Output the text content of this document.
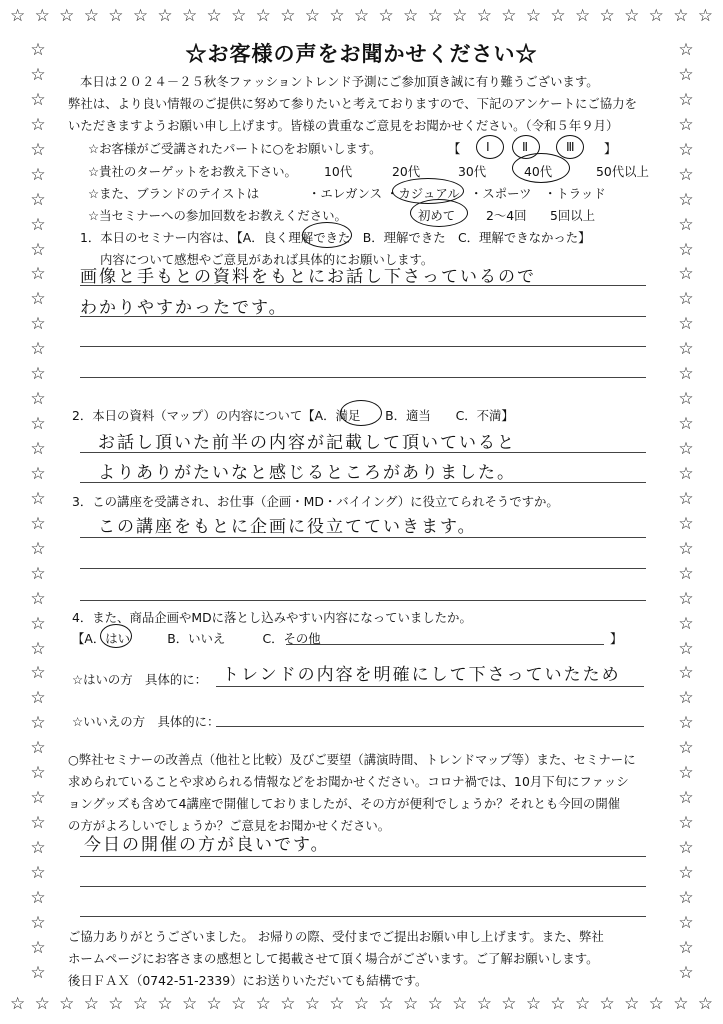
☆ ☆ ☆ ☆ ☆ ☆ ☆ ☆ ☆ ☆ ☆ ☆ ☆ ☆ ☆ ☆ ☆ ☆ ☆ ☆ ☆ ☆ ☆ ☆ ☆ ☆ ☆ ☆ ☆
☆ ☆ ☆ ☆ ☆ ☆ ☆ ☆ ☆ ☆ ☆ ☆ ☆ ☆ ☆ ☆ ☆ ☆ ☆ ☆ ☆ ☆ ☆ ☆ ☆ ☆ ☆ ☆ ☆
☆
☆
☆
☆
☆
☆
☆
☆
☆
☆
☆
☆
☆
☆
☆
☆
☆
☆
☆
☆
☆
☆
☆
☆
☆
☆
☆
☆
☆
☆
☆
☆
☆
☆
☆
☆
☆
☆
☆
☆
☆
☆
☆
☆
☆
☆
☆
☆
☆
☆
☆
☆
☆
☆
☆
☆
☆
☆
☆
☆
☆
☆
☆
☆
☆
☆
☆
☆
☆
☆
☆
☆
☆
☆
☆
☆
☆お客様の声をお聞かせください☆
本日は２０２４－２５秋冬ファッショントレンド予測にご参加頂き誠に有り難うございます。
弊社は、より良い情報のご提供に努めて参りたいと考えておりますので、下記のアンケートにご協力を
いただきますようお願い申し上げます。皆様の貴重なご意見をお聞かせください。（令和５年９月）
☆お客様がご受講されたパートに○をお願いします。	【 Ⅰ	Ⅱ	Ⅲ 】
☆貴社のターゲットをお教え下さい。 10代	20代	30代	40代	50代以上
☆また、ブランドのテイストは	・エレガンス ・カジュアル ・スポーツ ・トラッド
☆当セミナーへの参加回数をお教えください。	初めて 2～4回 5回以上
1．本日のセミナー内容は、【A．良く理解できた　B．理解できた　C．理解できなかった】
内容について感想やご意見があれば具体的にお願いします。
画像と手もとの資料をもとにお話し下さっているので
わかりやすかったです。
2．本日の資料（マップ）の内容について【A．満足　　B．適当　　C．不満】
お話し頂いた前半の内容が記載して頂いていると
よりありがたいなと感じるところがありました。
3．この講座を受講され、お仕事（企画・MD・バイイング）に役立てられそうですか。
この講座をもとに企画に役立てていきます。
4．また、商品企画やMDに落とし込みやすい内容になっていましたか。
【A．はい　　　B．いいえ　　　C．その他	】
☆はいの方　具体的に： トレンドの内容を明確にして下さっていたため
☆いいえの方　具体的に：
○弊社セミナーの改善点（他社と比較）及びご要望（講演時間、トレンドマップ等）また、セミナーに
求められていることや求められる情報などをお聞かせください。コロナ禍では、10月下旬にファッシ
ョングッズも含めて4講座で開催しておりましたが、その方が便利でしょうか？それとも今回の開催
の方がよろしいでしょうか？ご意見をお聞かせください。
今日の開催の方が良いです。
ご協力ありがとうございました。 お帰りの際、受付までご提出お願い申し上げます。また、弊社
ホームページにお客さまの感想として掲載させて頂く場合がございます。ご了解お願いします。
後日ＦＡＸ（0742-51-2339）にお送りいただいても結構です。
